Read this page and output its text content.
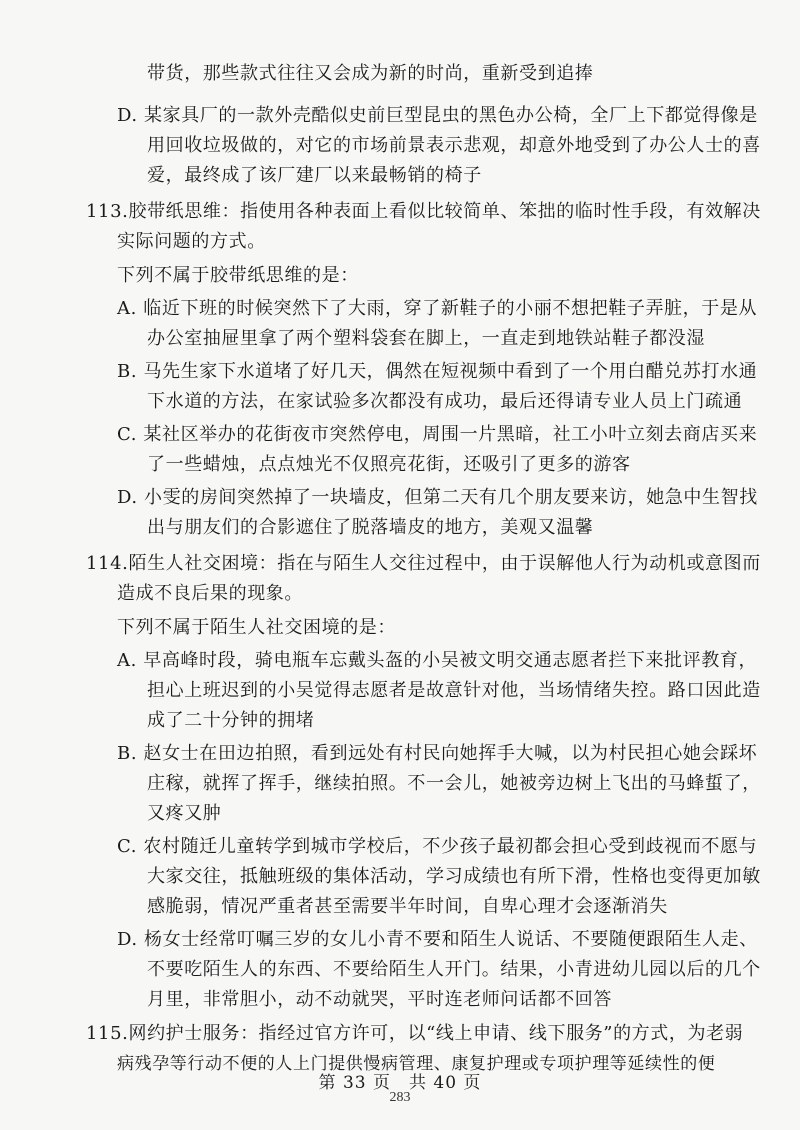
带货，那些款式往往又会成为新的时尚，重新受到追捧
D. 某家具厂的一款外壳酷似史前巨型昆虫的黑色办公椅，全厂上下都觉得像是
用回收垃圾做的，对它的市场前景表示悲观，却意外地受到了办公人士的喜
爱，最终成了该厂建厂以来最畅销的椅子
113.胶带纸思维：指使用各种表面上看似比较简单、笨拙的临时性手段，有效解决
实际问题的方式。
下列不属于胶带纸思维的是：
A. 临近下班的时候突然下了大雨，穿了新鞋子的小丽不想把鞋子弄脏，于是从
办公室抽屉里拿了两个塑料袋套在脚上，一直走到地铁站鞋子都没湿
B. 马先生家下水道堵了好几天，偶然在短视频中看到了一个用白醋兑苏打水通
下水道的方法，在家试验多次都没有成功，最后还得请专业人员上门疏通
C. 某社区举办的花街夜市突然停电，周围一片黑暗，社工小叶立刻去商店买来
了一些蜡烛，点点烛光不仅照亮花街，还吸引了更多的游客
D. 小雯的房间突然掉了一块墙皮，但第二天有几个朋友要来访，她急中生智找
出与朋友们的合影遮住了脱落墙皮的地方，美观又温馨
114.陌生人社交困境：指在与陌生人交往过程中，由于误解他人行为动机或意图而
造成不良后果的现象。
下列不属于陌生人社交困境的是：
A. 早高峰时段，骑电瓶车忘戴头盔的小吴被文明交通志愿者拦下来批评教育，
担心上班迟到的小吴觉得志愿者是故意针对他，当场情绪失控。路口因此造
成了二十分钟的拥堵
B. 赵女士在田边拍照，看到远处有村民向她挥手大喊，以为村民担心她会踩坏
庄稼，就挥了挥手，继续拍照。不一会儿，她被旁边树上飞出的马蜂蜇了，
又疼又肿
C. 农村随迁儿童转学到城市学校后，不少孩子最初都会担心受到歧视而不愿与
大家交往，抵触班级的集体活动，学习成绩也有所下滑，性格也变得更加敏
感脆弱，情况严重者甚至需要半年时间，自卑心理才会逐渐消失
D. 杨女士经常叮嘱三岁的女儿小青不要和陌生人说话、不要随便跟陌生人走、
不要吃陌生人的东西、不要给陌生人开门。结果，小青进幼儿园以后的几个
月里，非常胆小，动不动就哭，平时连老师问话都不回答
115.网约护士服务：指经过官方许可，以“线上申请、线下服务”的方式，为老弱
病残孕等行动不便的人上门提供慢病管理、康复护理或专项护理等延续性的便
第 33 页　共 40 页
283
